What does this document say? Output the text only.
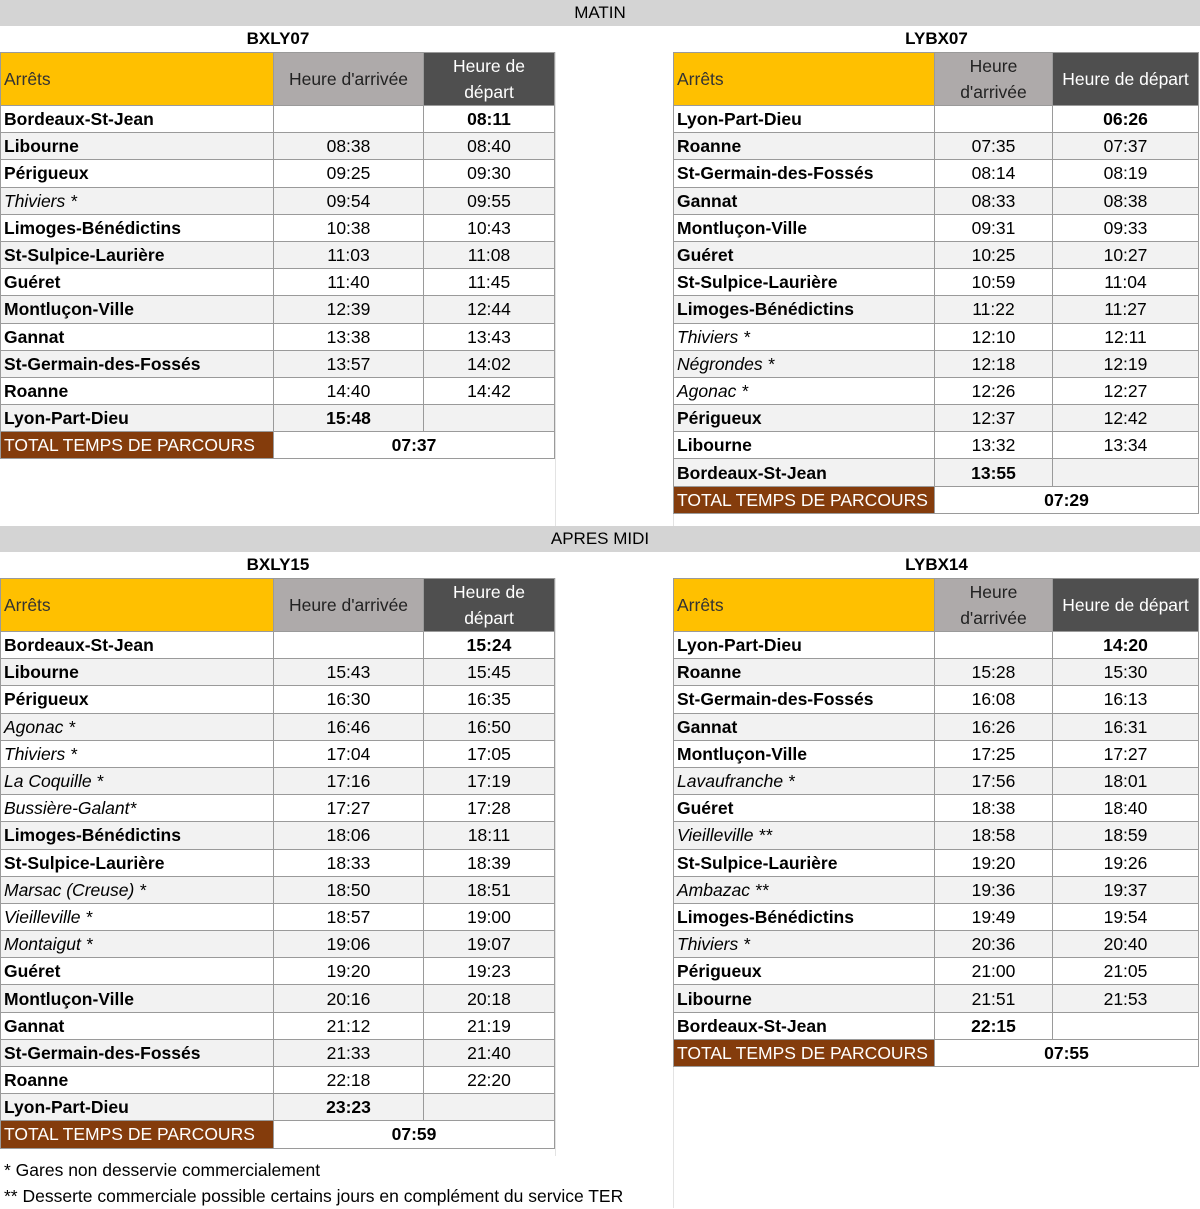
MATIN
BXLY07
Arrêts	Heure d'arrivée	Heure de départ
Bordeaux-St-Jean		08:11
Libourne	08:38	08:40
Périgueux	09:25	09:30
Thiviers *	09:54	09:55
Limoges-Bénédictins	10:38	10:43
St-Sulpice-Laurière	11:03	11:08
Guéret	11:40	11:45
Montluçon-Ville	12:39	12:44
Gannat	13:38	13:43
St-Germain-des-Fossés	13:57	14:02
Roanne	14:40	14:42
Lyon-Part-Dieu	15:48	
TOTAL TEMPS DE PARCOURS	07:37	
LYBX07
Arrêts	Heure d'arrivée	Heure de départ
Lyon-Part-Dieu		06:26
Roanne	07:35	07:37
St-Germain-des-Fossés	08:14	08:19
Gannat	08:33	08:38
Montluçon-Ville	09:31	09:33
Guéret	10:25	10:27
St-Sulpice-Laurière	10:59	11:04
Limoges-Bénédictins	11:22	11:27
Thiviers *	12:10	12:11
Négrondes *	12:18	12:19
Agonac *	12:26	12:27
Périgueux	12:37	12:42
Libourne	13:32	13:34
Bordeaux-St-Jean	13:55	
TOTAL TEMPS DE PARCOURS	07:29	
APRES MIDI
BXLY15
Arrêts	Heure d'arrivée	Heure de départ
Bordeaux-St-Jean		15:24
Libourne	15:43	15:45
Périgueux	16:30	16:35
Agonac *	16:46	16:50
Thiviers *	17:04	17:05
La Coquille *	17:16	17:19
Bussière-Galant*	17:27	17:28
Limoges-Bénédictins	18:06	18:11
St-Sulpice-Laurière	18:33	18:39
Marsac (Creuse) *	18:50	18:51
Vieilleville *	18:57	19:00
Montaigut *	19:06	19:07
Guéret	19:20	19:23
Montluçon-Ville	20:16	20:18
Gannat	21:12	21:19
St-Germain-des-Fossés	21:33	21:40
Roanne	22:18	22:20
Lyon-Part-Dieu	23:23	
TOTAL TEMPS DE PARCOURS	07:59	
LYBX14
Arrêts	Heure d'arrivée	Heure de départ
Lyon-Part-Dieu		14:20
Roanne	15:28	15:30
St-Germain-des-Fossés	16:08	16:13
Gannat	16:26	16:31
Montluçon-Ville	17:25	17:27
Lavaufranche *	17:56	18:01
Guéret	18:38	18:40
Vieilleville **	18:58	18:59
St-Sulpice-Laurière	19:20	19:26
Ambazac **	19:36	19:37
Limoges-Bénédictins	19:49	19:54
Thiviers *	20:36	20:40
Périgueux	21:00	21:05
Libourne	21:51	21:53
Bordeaux-St-Jean	22:15	
TOTAL TEMPS DE PARCOURS	07:55	
* Gares non desservie commercialement
** Desserte commerciale possible certains jours en complément du service TER
